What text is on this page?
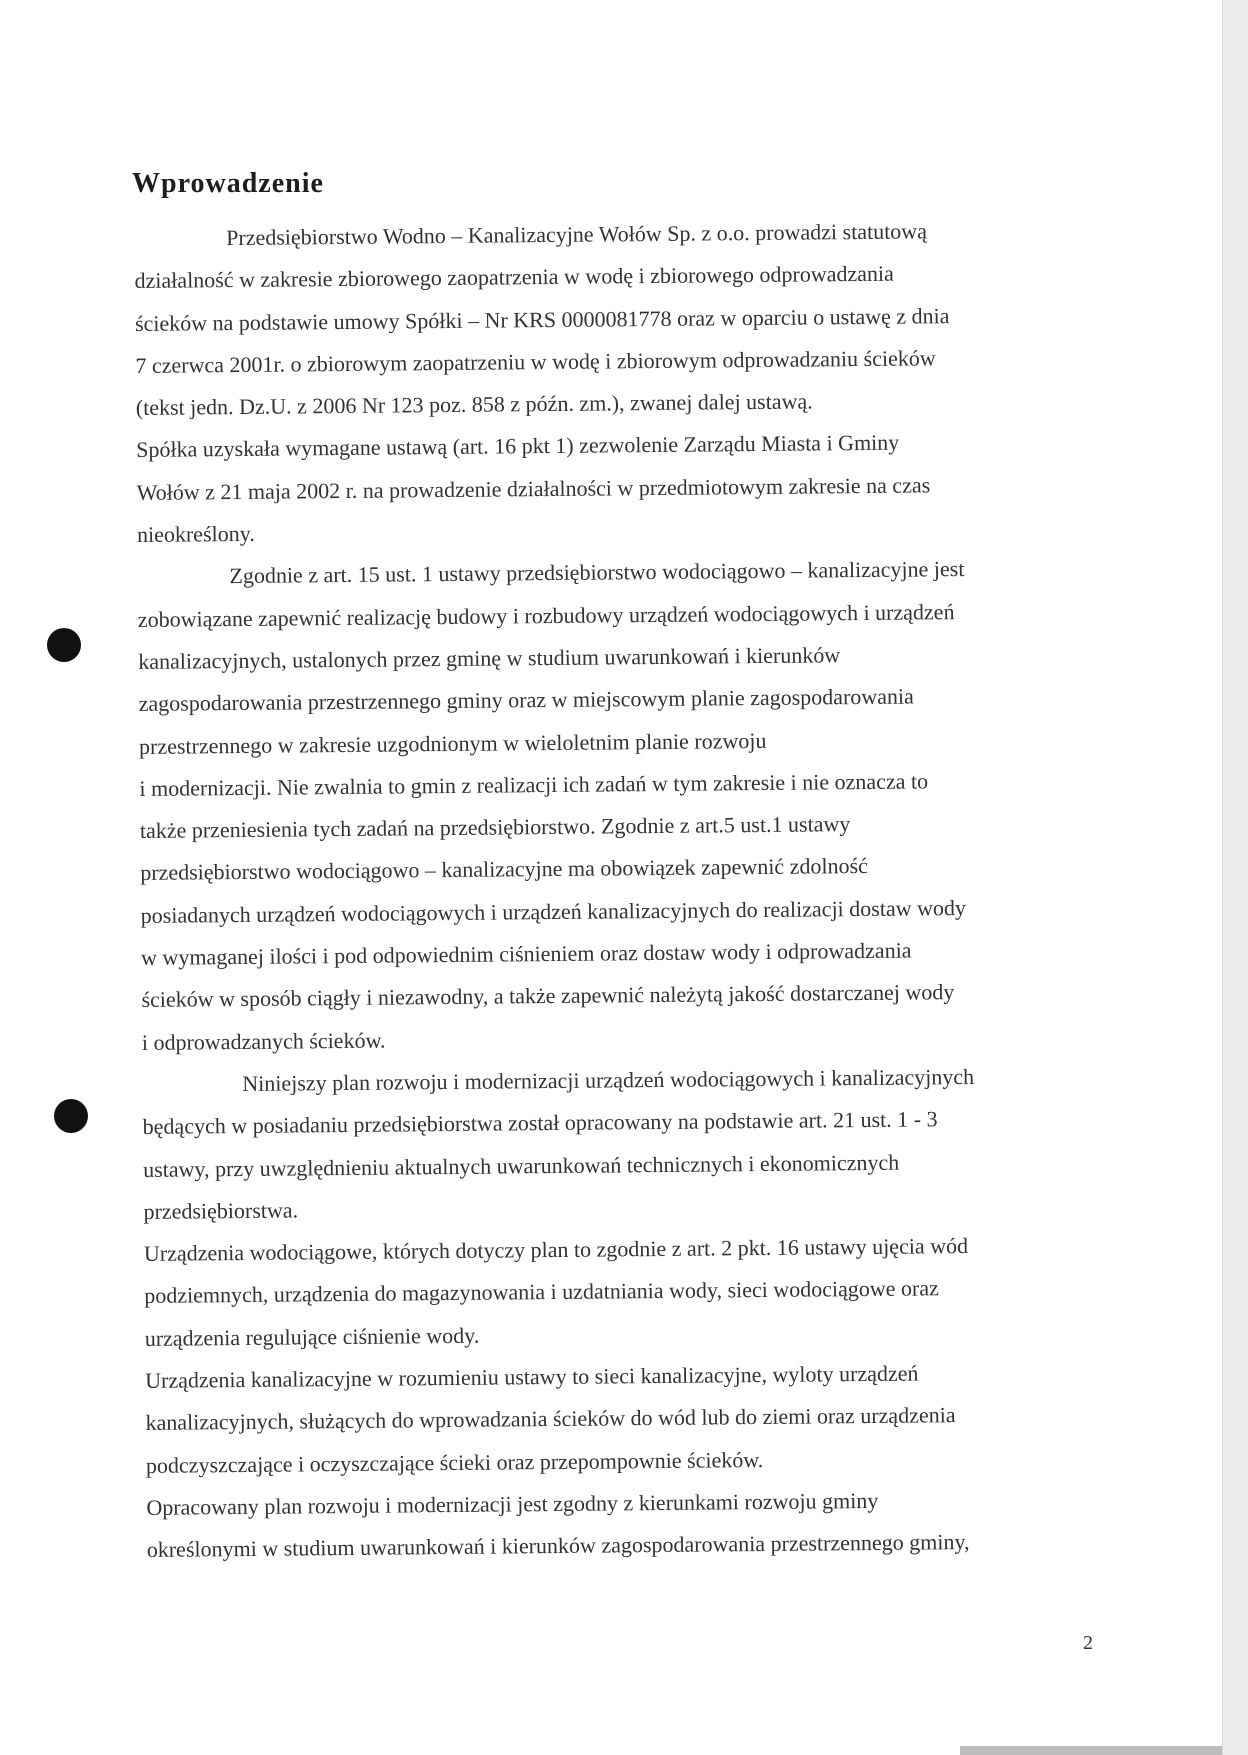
Wprowadzenie
Przedsiębiorstwo Wodno – Kanalizacyjne Wołów Sp. z o.o. prowadzi statutową
działalność w zakresie zbiorowego zaopatrzenia w wodę i zbiorowego odprowadzania
ścieków na podstawie umowy Spółki – Nr KRS 0000081778 oraz w oparciu o ustawę z dnia
7 czerwca 2001r. o zbiorowym zaopatrzeniu w wodę i zbiorowym odprowadzaniu ścieków
(tekst jedn. Dz.U. z 2006 Nr 123 poz. 858 z późn. zm.), zwanej dalej ustawą.
Spółka uzyskała wymagane ustawą (art. 16 pkt 1) zezwolenie Zarządu Miasta i Gminy
Wołów z 21 maja 2002 r. na prowadzenie działalności w przedmiotowym zakresie na czas
nieokreślony.
Zgodnie z art. 15 ust. 1 ustawy przedsiębiorstwo wodociągowo – kanalizacyjne jest
zobowiązane zapewnić realizację budowy i rozbudowy urządzeń wodociągowych i urządzeń
kanalizacyjnych, ustalonych przez gminę w studium uwarunkowań i kierunków
zagospodarowania przestrzennego gminy oraz w miejscowym planie zagospodarowania
przestrzennego w zakresie uzgodnionym w wieloletnim planie rozwoju
i modernizacji. Nie zwalnia to gmin z realizacji ich zadań w tym zakresie i nie oznacza to
także przeniesienia tych zadań na przedsiębiorstwo. Zgodnie z art.5 ust.1 ustawy
przedsiębiorstwo wodociągowo – kanalizacyjne ma obowiązek zapewnić zdolność
posiadanych urządzeń wodociągowych i urządzeń kanalizacyjnych do realizacji dostaw wody
w wymaganej ilości i pod odpowiednim ciśnieniem oraz dostaw wody i odprowadzania
ścieków w sposób ciągły i niezawodny, a także zapewnić należytą jakość dostarczanej wody
i odprowadzanych ścieków.
Niniejszy plan rozwoju i modernizacji urządzeń wodociągowych i kanalizacyjnych
będących w posiadaniu przedsiębiorstwa został opracowany na podstawie art. 21 ust. 1 - 3
ustawy, przy uwzględnieniu aktualnych uwarunkowań technicznych i ekonomicznych
przedsiębiorstwa.
Urządzenia wodociągowe, których dotyczy plan to zgodnie z art. 2 pkt. 16 ustawy ujęcia wód
podziemnych, urządzenia do magazynowania i uzdatniania wody, sieci wodociągowe oraz
urządzenia regulujące ciśnienie wody.
Urządzenia kanalizacyjne w rozumieniu ustawy to sieci kanalizacyjne, wyloty urządzeń
kanalizacyjnych, służących do wprowadzania ścieków do wód lub do ziemi oraz urządzenia
podczyszczające i oczyszczające ścieki oraz przepompownie ścieków.
Opracowany plan rozwoju i modernizacji jest zgodny z kierunkami rozwoju gminy
określonymi w studium uwarunkowań i kierunków zagospodarowania przestrzennego gminy,
2
